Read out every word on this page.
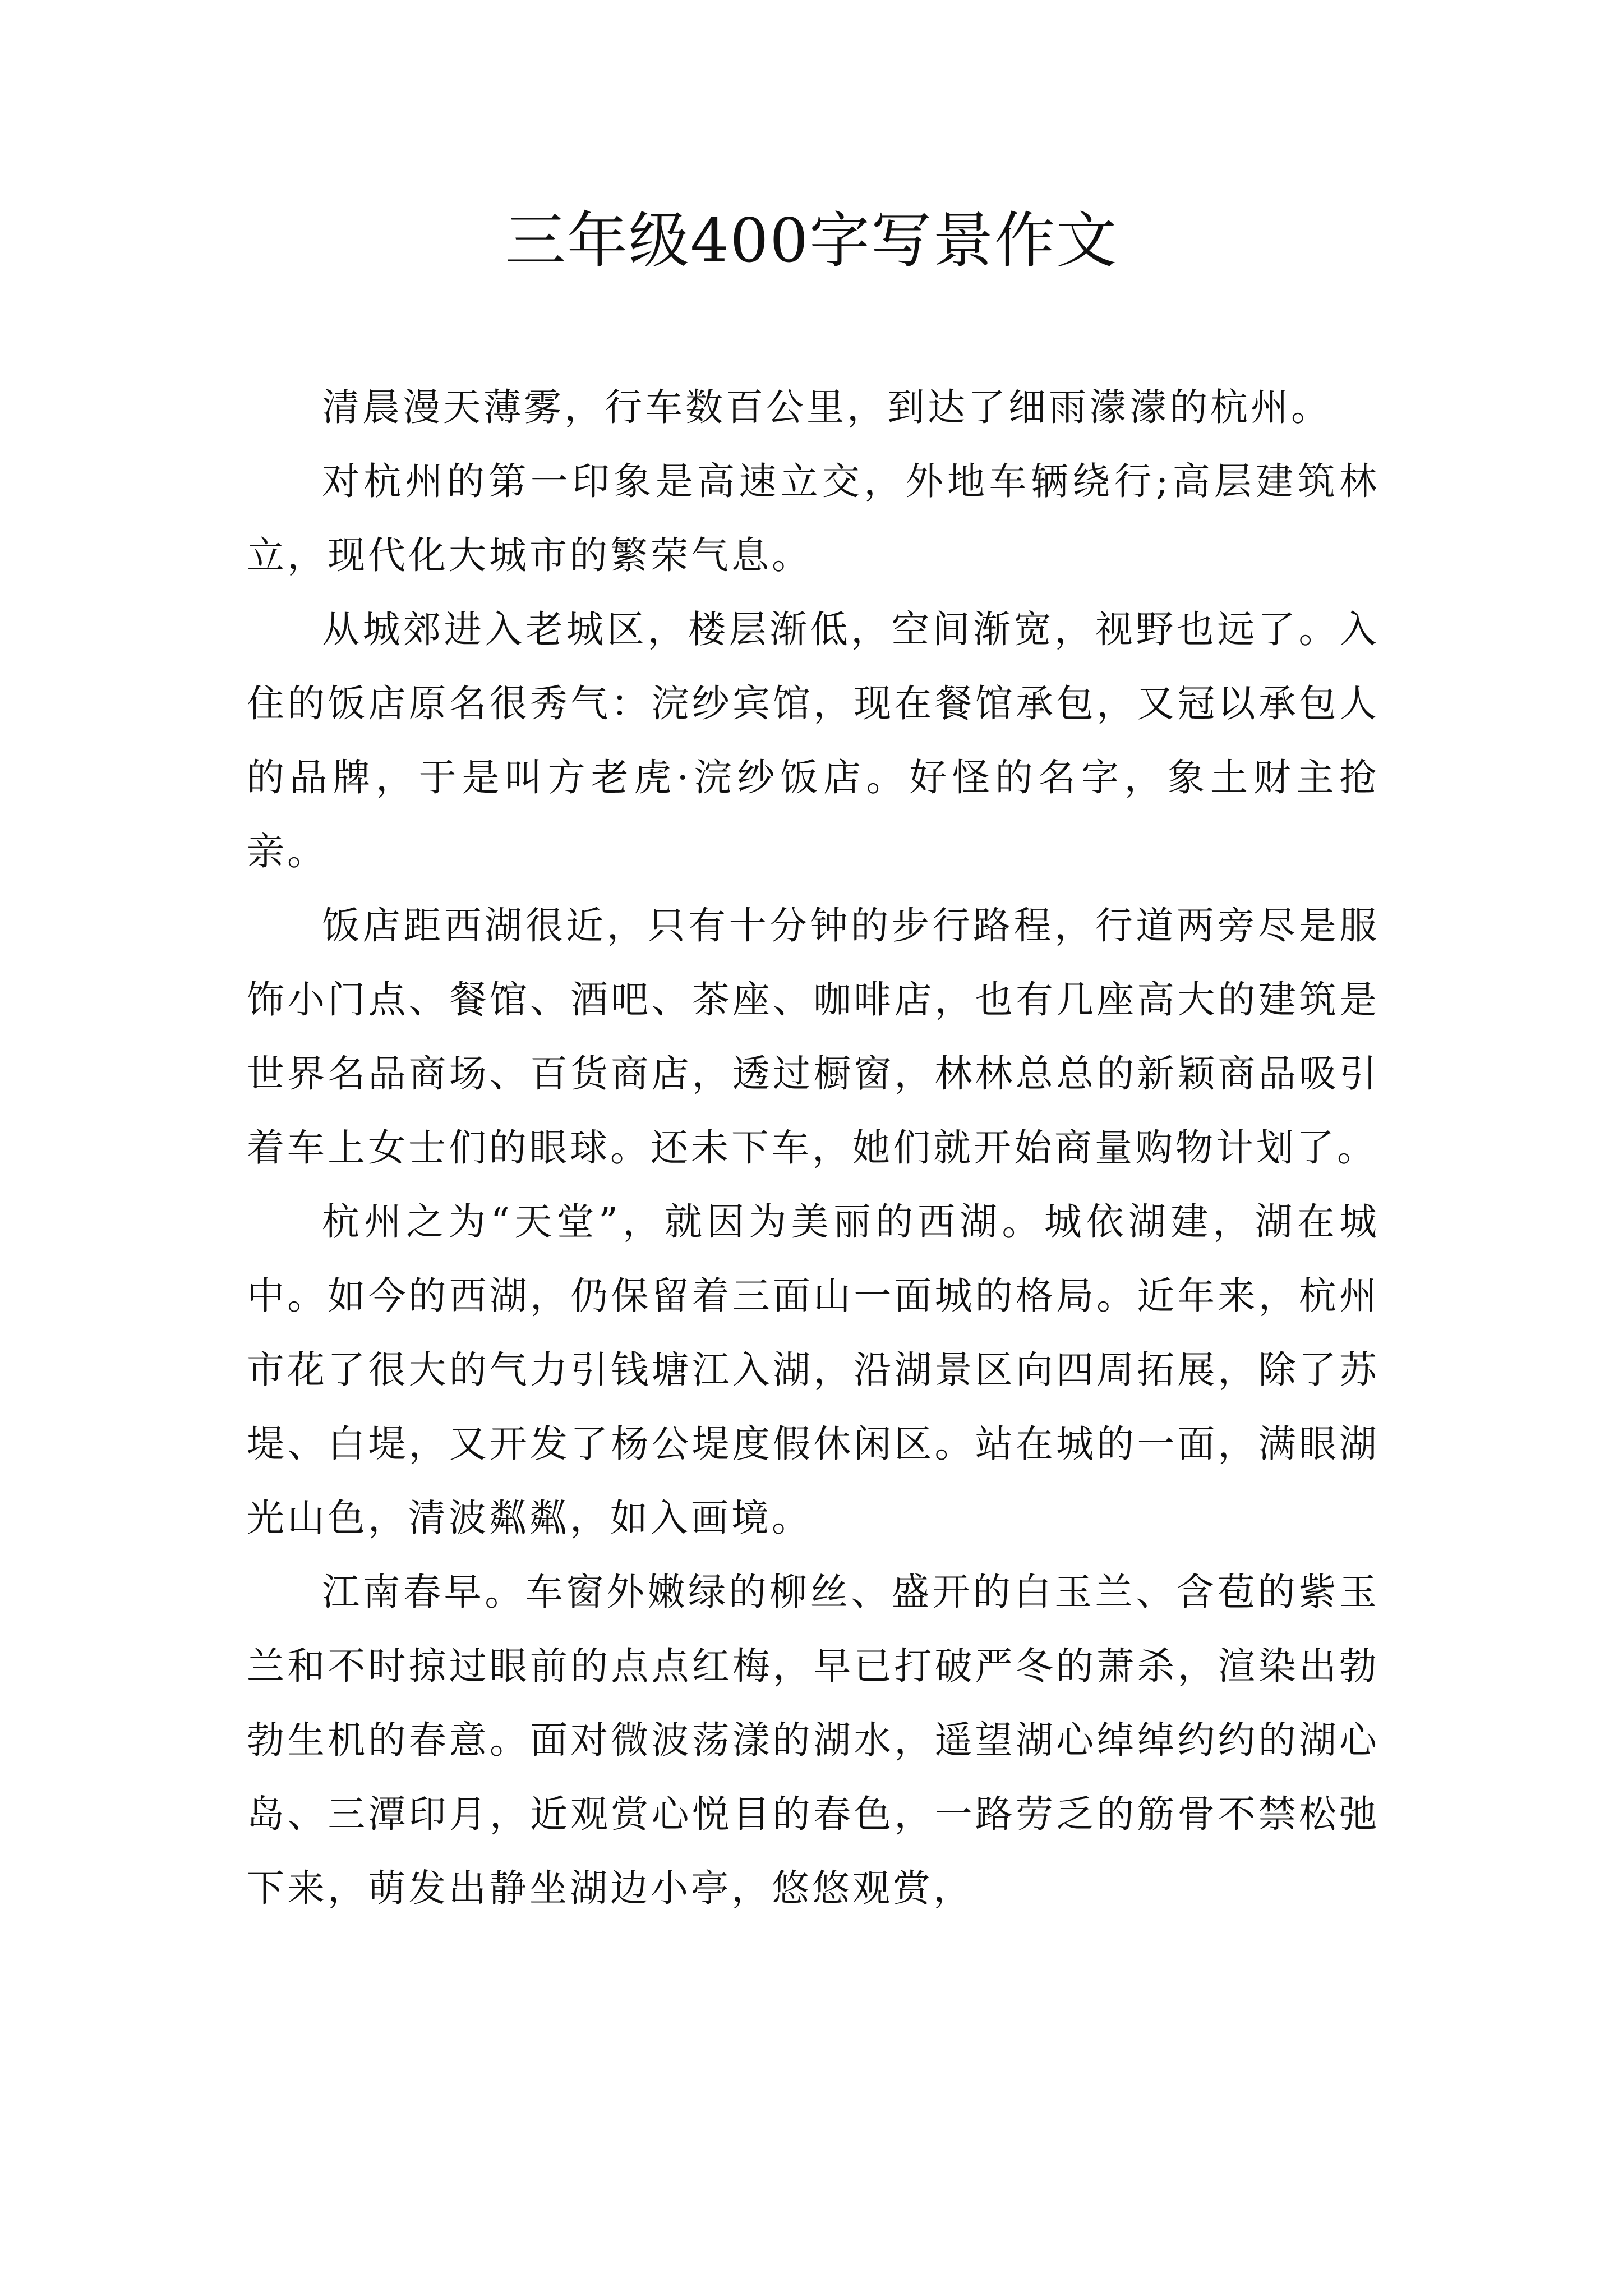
三年级400字写景作文

清晨漫天薄雾，行车数百公里，到达了细雨濛濛的杭州。

对杭州的第一印象是高速立交，外地车辆绕行;高层建筑林立，现代化大城市的繁荣气息。

从城郊进入老城区，楼层渐低，空间渐宽，视野也远了。入住的饭店原名很秀气：浣纱宾馆，现在餐馆承包，又冠以承包人的品牌，于是叫方老虎·浣纱饭店。好怪的名字，象土财主抢亲。

饭店距西湖很近，只有十分钟的步行路程，行道两旁尽是服饰小门点、餐馆、酒吧、茶座、咖啡店，也有几座高大的建筑是世界名品商场、百货商店，透过橱窗，林林总总的新颖商品吸引着车上女士们的眼球。还未下车，她们就开始商量购物计划了。

杭州之为“天堂”，就因为美丽的西湖。城依湖建，湖在城中。如今的西湖，仍保留着三面山一面城的格局。近年来，杭州市花了很大的气力引钱塘江入湖，沿湖景区向四周拓展，除了苏堤、白堤，又开发了杨公堤度假休闲区。站在城的一面，满眼湖光山色，清波粼粼，如入画境。

江南春早。车窗外嫩绿的柳丝、盛开的白玉兰、含苞的紫玉兰和不时掠过眼前的点点红梅，早已打破严冬的萧杀，渲染出勃勃生机的春意。面对微波荡漾的湖水，遥望湖心绰绰约约的湖心岛、三潭印月，近观赏心悦目的春色，一路劳乏的筋骨不禁松弛下来，萌发出静坐湖边小亭，悠悠观赏，
